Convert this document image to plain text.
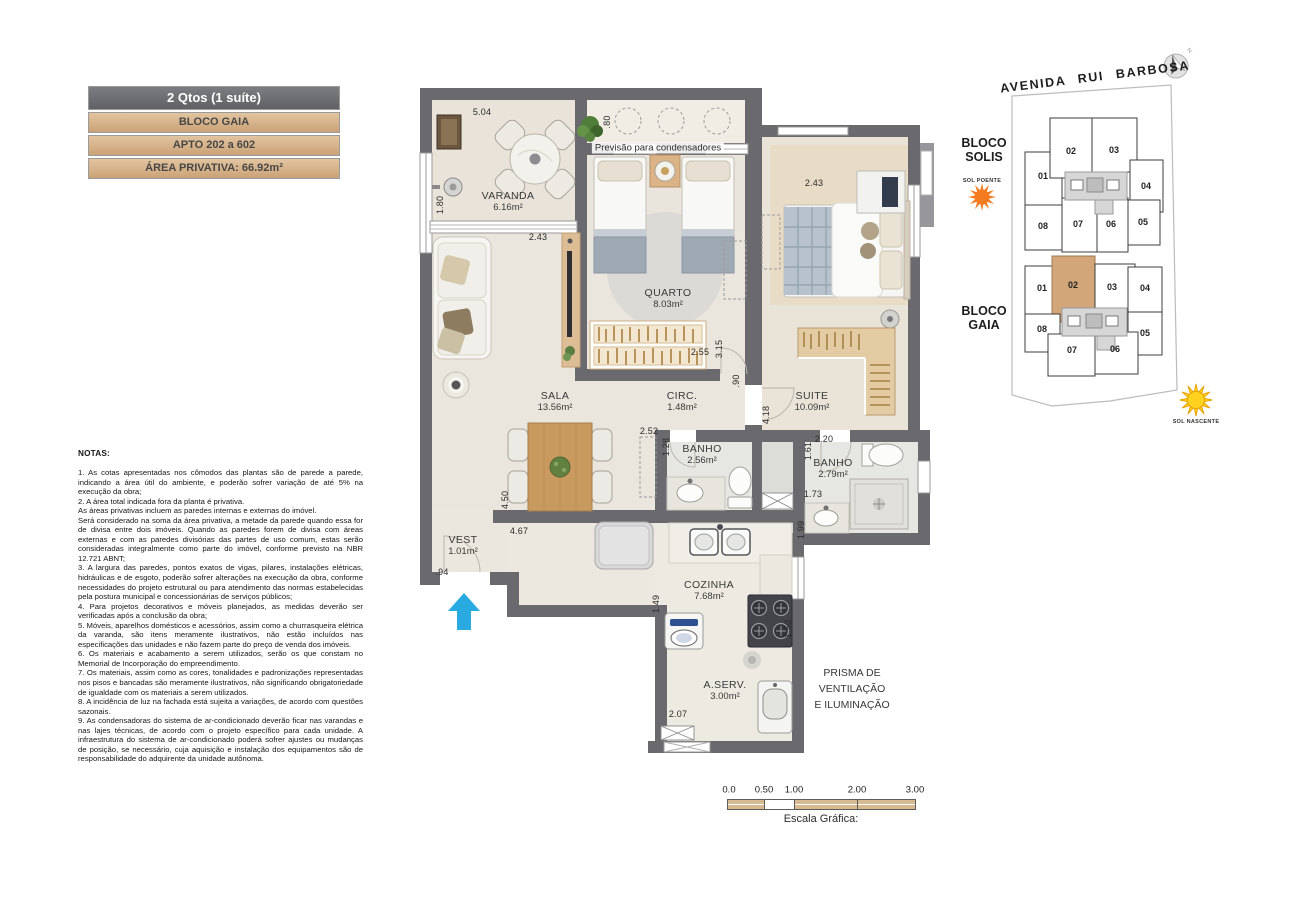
2 Qtos (1 suíte)
BLOCO GAIA
APTO 202 a 602
ÁREA PRIVATIVA: 66.92m²
NOTAS:

1. As cotas apresentadas nos cômodos das plantas são de parede a parede, indicando a área útil do ambiente, e poderão sofrer variação de até 5% na execução da obra;

2. A área total indicada fora da planta é privativa.

As áreas privativas incluem as paredes internas e externas do imóvel.

Será considerado na soma da área privativa, a metade da parede quando essa for de divisa entre dois imóveis. Quando as paredes forem de divisa com áreas externas e com as paredes divisórias das partes de uso comum, estas serão consideradas integralmente como parte do imóvel, conforme previsto na NBR 12.721 ABNT;

3. A largura das paredes, pontos exatos de vigas, pilares, instalações elétricas, hidráulicas e de esgoto, poderão sofrer alterações na execução da obra, conforme necessidades do projeto estrutural ou para atendimento das normas estabelecidas pela postura municipal e concessionárias de serviços públicos;

4. Para projetos decorativos e móveis planejados, as medidas deverão ser verificadas após a conclusão da obra;

5. Móveis, aparelhos domésticos e acessórios, assim como a churrasqueira elétrica da varanda, são itens meramente ilustrativos, não estão incluídos nas especificações das unidades e não fazem parte do preço de venda dos imóveis.

6. Os materiais e acabamento a serem utilizados, serão os que constam no Memorial de Incorporação do empreendimento.

7. Os materiais, assim como as cores, tonalidades e padronizações representadas nos pisos e bancadas são meramente ilustrativos, não significando obrigatoriedade de igualdade com os materiais a serem utilizados.

8. A incidência de luz na fachada está sujeita a variações, de acordo com questões sazonais.

9. As condensadoras do sistema de ar-condicionado deverão ficar nas varandas e nas lajes técnicas, de acordo com o projeto específico para cada unidade. A infraestrutura do sistema de ar-condicionado poderá sofrer ajustes ou mudanças de posição, se necessário, cuja aquisição e instalação dos equipamentos são de responsabilidade do adquirente da unidade autônoma.

VARANDA
6.16m²
QUARTO
8.03m²
SUITE
10.09m²
SALA
13.56m²
CIRC.
1.48m²
BANHO
2.56m²	BANHO
2.79m²
VEST
1.01m²
COZINHA
7.68m²
A.SERV.
3.00m²
Previsão para condensadores
PRISMA DE
VENTILAÇÃO
E ILUMINAÇÃO
5.04
.80
1.80
2.43
2.43
2.55 3.15
.90
4.18
2.52
1.28	2.20
1.61
4.50	1.73
4.67
.94
1.99
1.49
1.50
2.07
AVENIDA RUI BARBOSA
N
BLOCO
SOLIS
BLOCO
GAIA
SOL POENTE
SOL NASCENTE
01
02	03
04
05
06
07
08
01 02	03	04
05
06
07
08
0.0 0.50 1.00	2.00	3.00
Escala Gráfica:
